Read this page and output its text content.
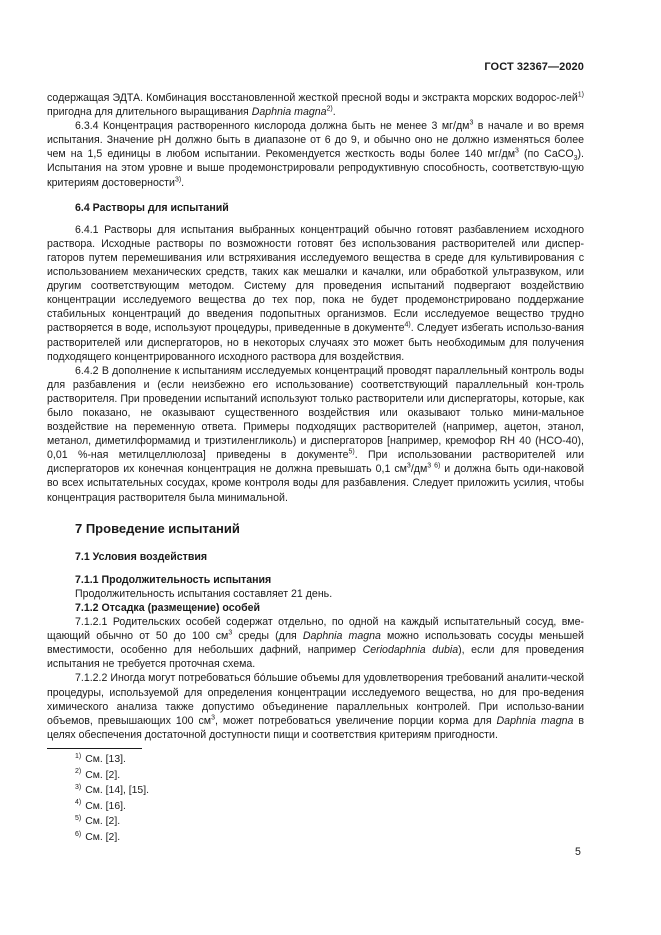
ГОСТ 32367—2020

содержащая ЭДТА. Комбинация восстановленной жесткой пресной воды и экстракта морских водорос-лей$^{1)}$ пригодна для длительного выращивания Daphnia magna$^{2)}$.

6.3.4 Концентрация растворенного кислорода должна быть не менее 3 $мг/дм^3$ в начале и во время испытания. Значение pH должно быть в диапазоне от 6 до 9, и обычно оно не должно изменяться более чем на 1,5 единицы в любом испытании. Рекомендуется жесткость воды более 140 $мг/дм^3$ (по CaCO$_3$). Испытания на этом уровне и выше продемонстрировали репродуктивную способность, соответствую-щую критериям достоверности$^{3)}$.

6.4 Растворы для испытаний

6.4.1 Растворы для испытания выбранных концентраций обычно готовят разбавлением исходного раствора. Исходные растворы по возможности готовят без использования растворителей или диспер-гаторов путем перемешивания или встряхивания исследуемого вещества в среде для культивирования с использованием механических средств, таких как мешалки и качалки, или обработкой ультразвуком, или другим соответствующим методом. Систему для проведения испытаний подвергают воздействию концентрации исследуемого вещества до тех пор, пока не будет продемонстрировано поддержание стабильных концентраций до введения подопытных организмов. Если исследуемое вещество трудно растворяется в воде, используют процедуры, приведенные в документе$^{4)}$. Следует избегать использо-вания растворителей или диспергаторов, но в некоторых случаях это может быть необходимым для получения подходящего концентрированного исходного раствора для воздействия.

6.4.2 В дополнение к испытаниям исследуемых концентраций проводят параллельный контроль воды для разбавления и (если неизбежно его использование) соответствующий параллельный кон-троль растворителя. При проведении испытаний используют только растворители или диспергаторы, которые, как было показано, не оказывают существенного воздействия или оказывают только мини-мальное воздействие на переменную ответа. Примеры подходящих растворителей (например, ацетон, этанол, метанол, диметилформамид и триэтиленгликоль) и диспергаторов [например, кремофор RH 40 (HCO-40), 0,01 %-ная метилцеллюлоза] приведены в документе$^{5)}$. При использовании растворителей или диспергаторов их конечная концентрация не должна превышать 0,1 $см^3/дм^{3 6)}$ и должна быть оди-наковой во всех испытательных сосудах, кроме контроля воды для разбавления. Следует приложить усилия, чтобы концентрация растворителя была минимальной.

7 Проведение испытаний
7.1 Условия воздействия
7.1.1 Продолжительность испытания

Продолжительность испытания составляет 21 день.

7.1.2 Отсадка (размещение) особей

7.1.2.1 Родительских особей содержат отдельно, по одной на каждый испытательный сосуд, вме-щающий обычно от 50 до 100 $см^3$ среды (для Daphnia magna можно использовать сосуды меньшей вместимости, особенно для небольших дафний, например Ceriodaphnia dubia), если для проведения испытания не требуется проточная схема.

7.1.2.2 Иногда могут потребоваться бо́льшие объемы для удовлетворения требований аналити-ческой процедуры, используемой для определения концентрации исследуемого вещества, но для про-ведения химического анализа также допустимо объединение параллельных контролей. При использо-вании объемов, превышающих 100 $см^3$, может потребоваться увеличение порции корма для Daphnia magna в целях обеспечения достаточной доступности пищи и соответствия критериям пригодности.

$^{1)}$ См. [13].
$^{2)}$ См. [2].
$^{3)}$ См. [14], [15].
$^{4)}$ См. [16].
$^{5)}$ См. [2].
$^{6)}$ См. [2].
5
